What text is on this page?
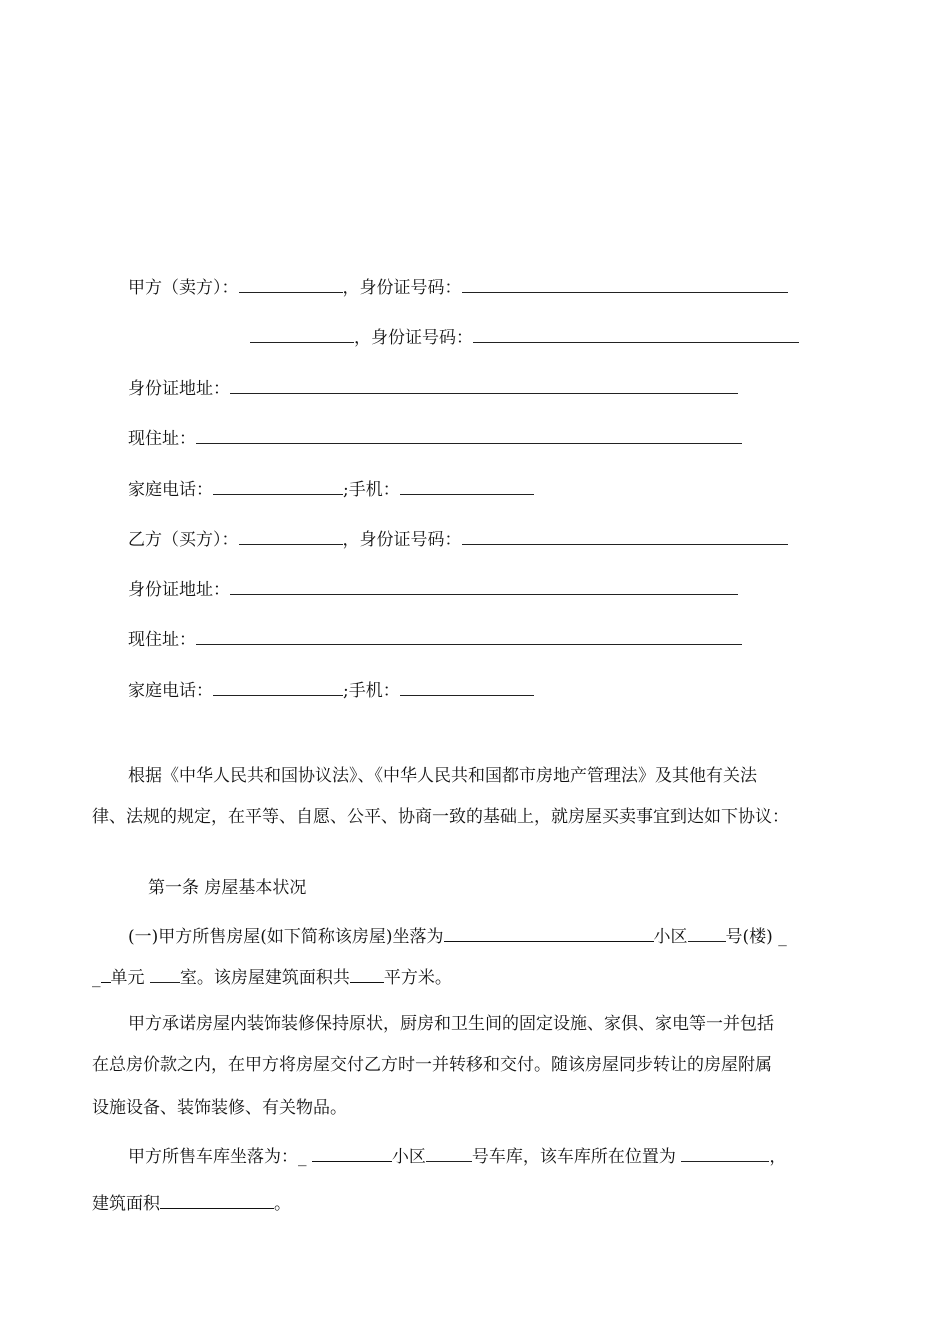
甲方（卖方）：	，身份证号码：
，身份证号码：
身份证地址：
现住址：
家庭电话：	;手机：
乙方（买方）：	，身份证号码：
身份证地址：
现住址：
家庭电话：	;手机：
根据《中华人民共和国协议法》、《中华人民共和国都市房地产管理法》及其他有关法
律、法规的规定，在平等、自愿、公平、协商一致的基础上，就房屋买卖事宜到达如下协议：
第一条 房屋基本状况
(一)甲方所售房屋(如下简称该房屋)坐落为	小区 号(楼) _
_ 单元 室。该房屋建筑面积共 平方米。
甲方承诺房屋内装饰装修保持原状，厨房和卫生间的固定设施、家俱、家电等一并包括
在总房价款之内，在甲方将房屋交付乙方时一并转移和交付。随该房屋同步转让的房屋附属
设施设备、装饰装修、有关物品。
甲方所售车库坐落为：_	小区	号车库，该车库所在位置为	，
建筑面积	。
